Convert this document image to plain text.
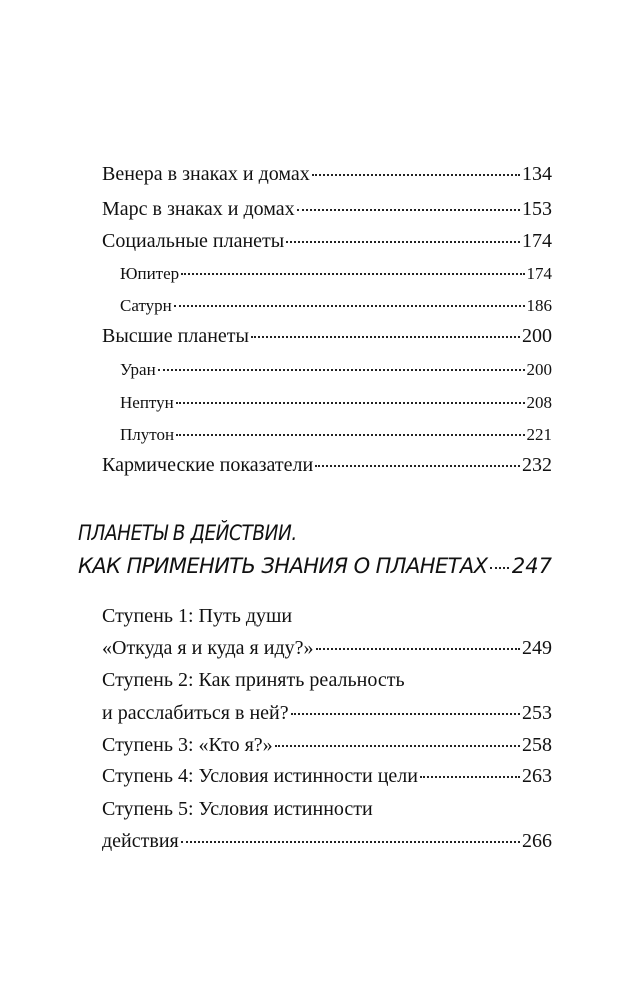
Венера в знаках и домах	134
Марс в знаках и домах	153
Социальные планеты	174
Юпитер	174
Сатурн	186
Высшие планеты	200
Уран	200
Нептун	208
Плутон	221
Кармические показатели	232
ПЛАНЕТЫ В ДЕЙСТВИИ.
КАК ПРИМЕНИТЬ ЗНАНИЯ О ПЛАНЕТАХ 247
Ступень 1: Путь души
«Откуда я и куда я иду?»	249
Ступень 2: Как принять реальность
и расслабиться в ней?	253
Ступень 3: «Кто я?»	258
Ступень 4: Условия истинности цели	263
Ступень 5: Условия истинности
действия	266
